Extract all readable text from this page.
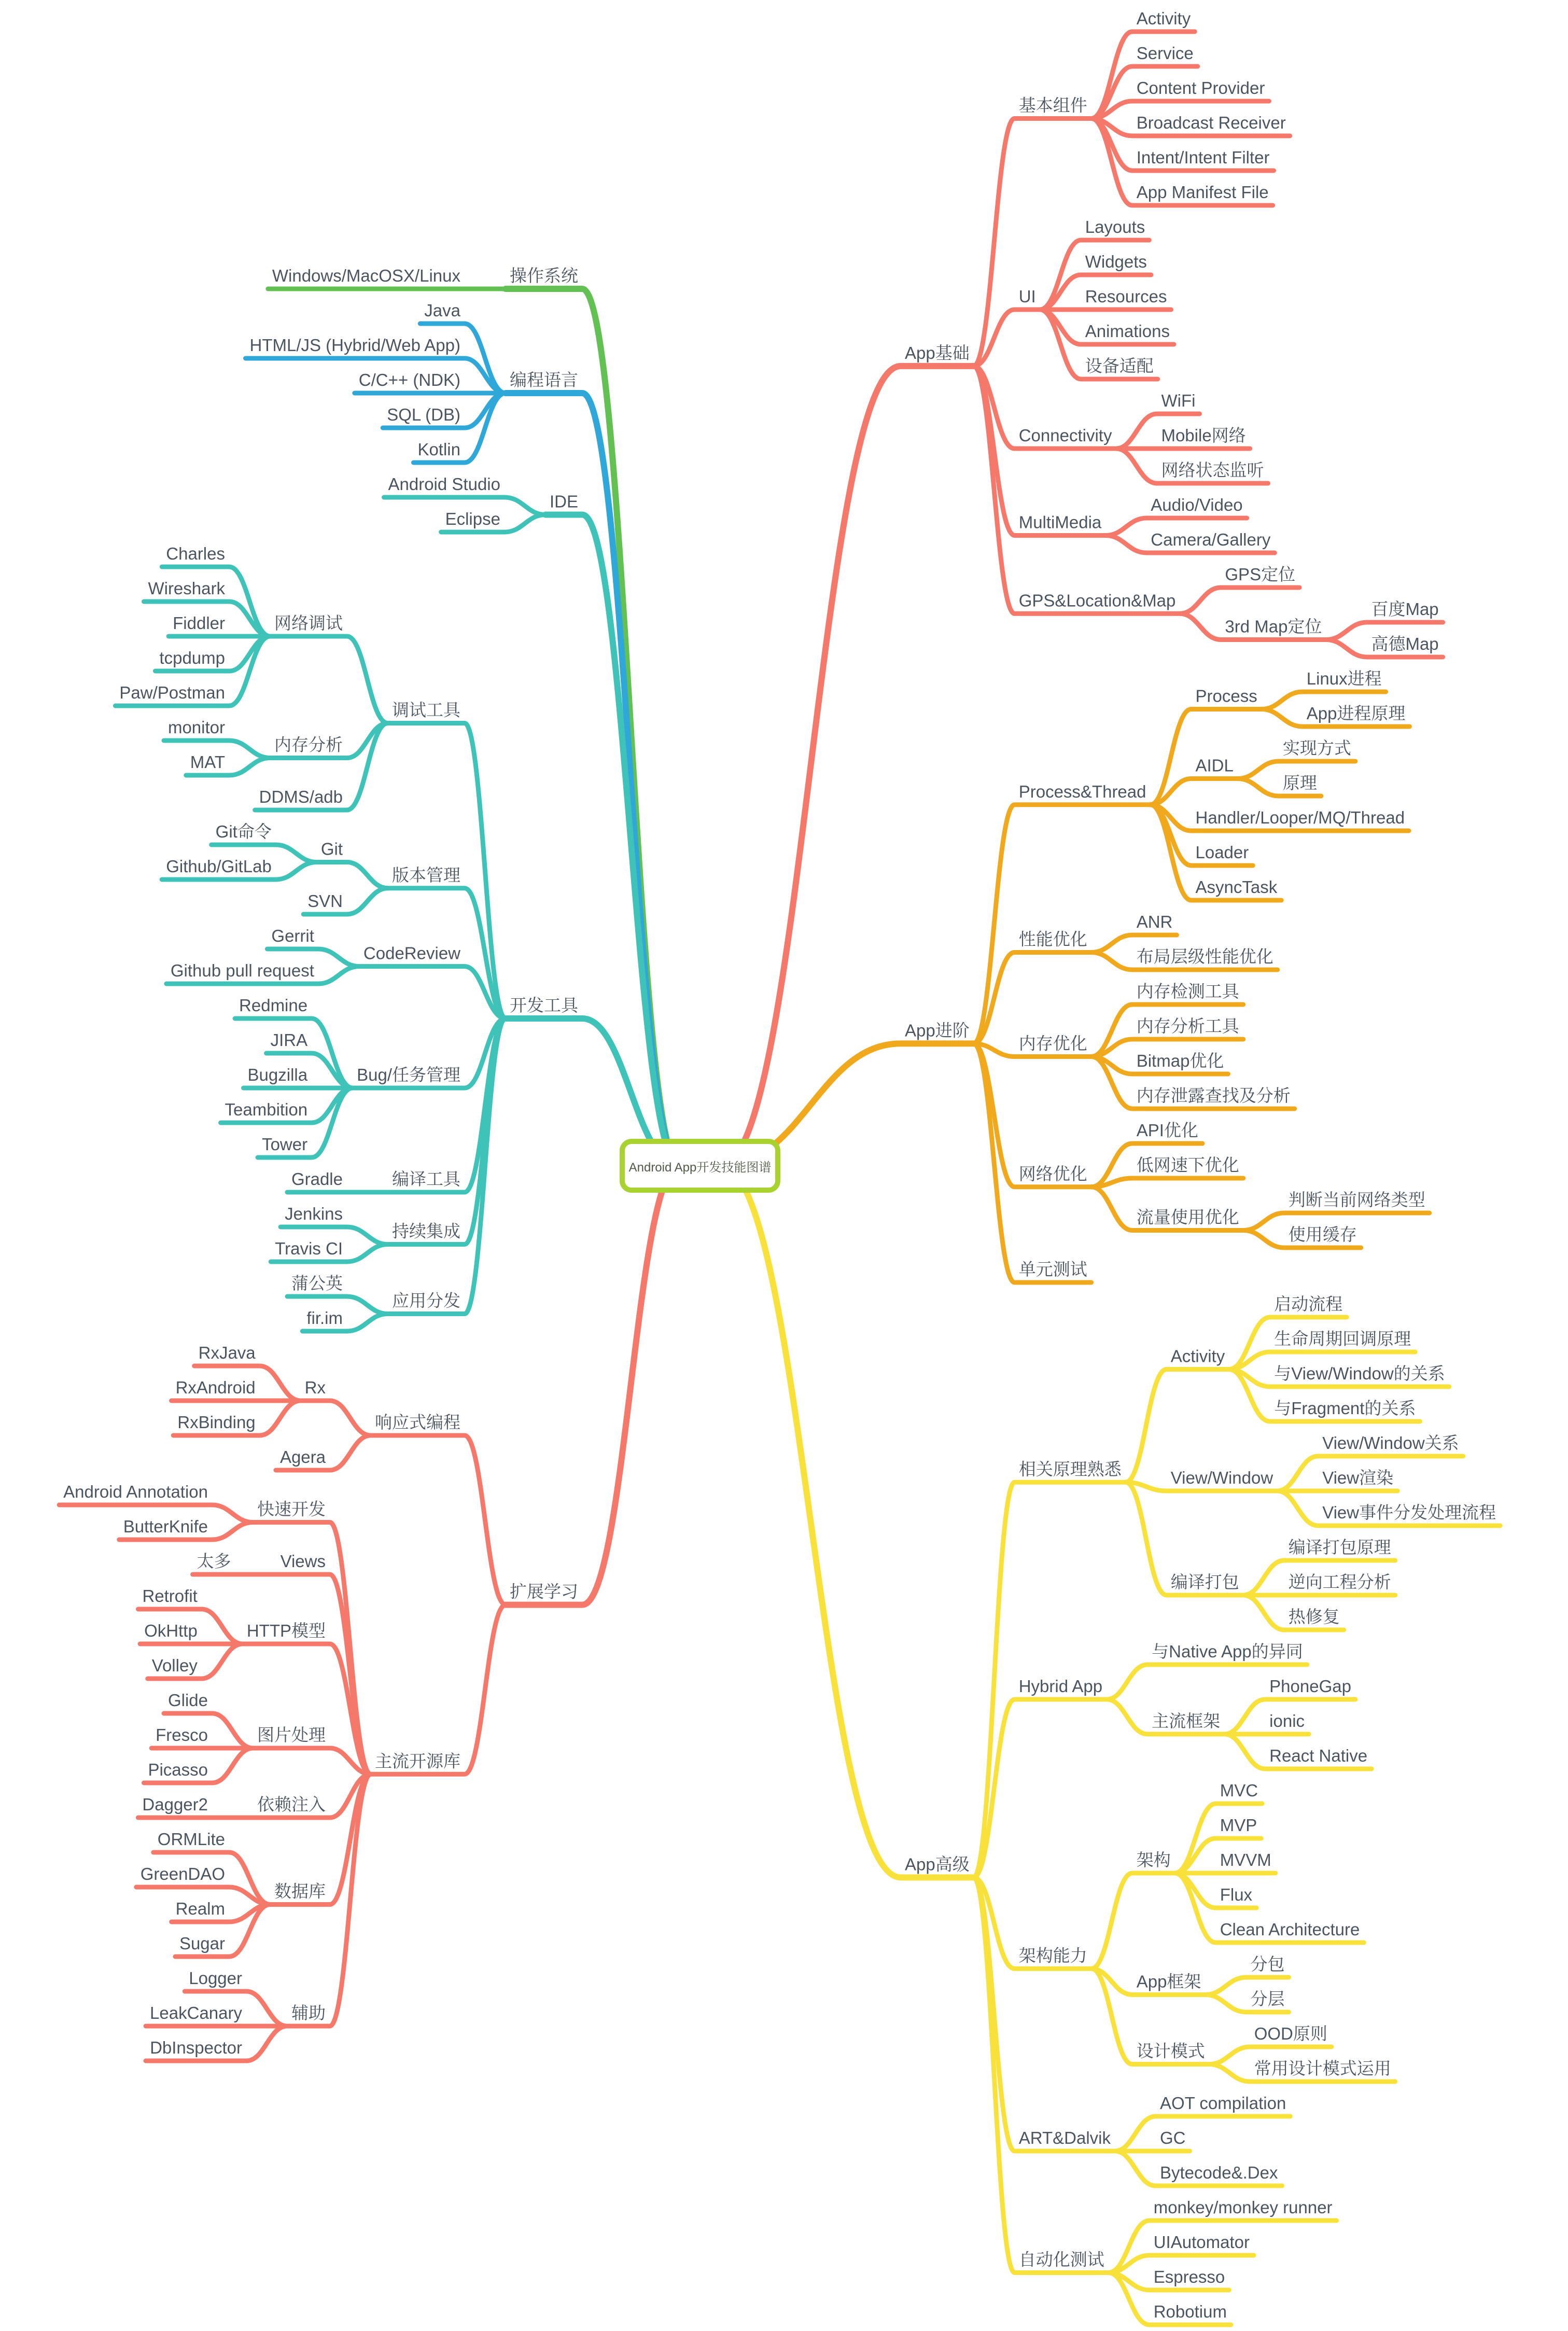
App基础
基本组件
Activity
Service
Content Provider
Broadcast Receiver
Intent/Intent Filter
App Manifest File
UI
Layouts
Widgets
Resources
Animations
设备适配
Connectivity
WiFi
Mobile网络
网络状态监听
MultiMedia
Audio/Video
Camera/Gallery
GPS&Location&Map
GPS定位
3rd Map定位
百度Map
高德Map
App进阶
Process&Thread
Process
Linux进程
App进程原理
AIDL
实现方式
原理
Handler/Looper/MQ/Thread
Loader
AsyncTask
性能优化
ANR
布局层级性能优化
内存优化
内存检测工具
内存分析工具
Bitmap优化
内存泄露查找及分析
网络优化
API优化
低网速下优化
流量使用优化
判断当前网络类型
使用缓存
单元测试
App高级
相关原理熟悉
Activity
启动流程
生命周期回调原理
与View/Window的关系
与Fragment的关系
View/Window
View/Window关系
View渲染
View事件分发处理流程
编译打包
编译打包原理
逆向工程分析
热修复
Hybrid App
与Native App的异同
主流框架
PhoneGap
ionic
React Native
架构能力
架构
MVC
MVP
MVVM
Flux
Clean Architecture
App框架
分包
分层
设计模式
OOD原则
常用设计模式运用
ART&Dalvik
AOT compilation
GC
Bytecode&.Dex
自动化测试
monkey/monkey runner
UIAutomator
Espresso
Robotium
操作系统
Windows/MacOSX/Linux
编程语言
Java
HTML/JS (Hybrid/Web App)
C/C++ (NDK)
SQL (DB)
Kotlin
IDE
Android Studio
Eclipse
开发工具
调试工具
网络调试
Charles
Wireshark
Fiddler
tcpdump
Paw/Postman
内存分析
monitor
MAT
DDMS/adb
版本管理
Git
Git命令
Github/GitLab
SVN
CodeReview
Gerrit
Github pull request
Bug/任务管理
Redmine
JIRA
Bugzilla
Teambition
Tower
编译工具
Gradle
持续集成
Jenkins
Travis CI
应用分发
蒲公英
fir.im
扩展学习
响应式编程
Rx
RxJava
RxAndroid
RxBinding
Agera
主流开源库
快速开发
Android Annotation
ButterKnife
Views
太多
HTTP模型
Retrofit
OkHttp
Volley
图片处理
Glide
Fresco
Picasso
依赖注入
Dagger2
数据库
ORMLite
GreenDAO
Realm
Sugar
辅助
Logger
LeakCanary
DbInspector
Android App开发技能图谱
